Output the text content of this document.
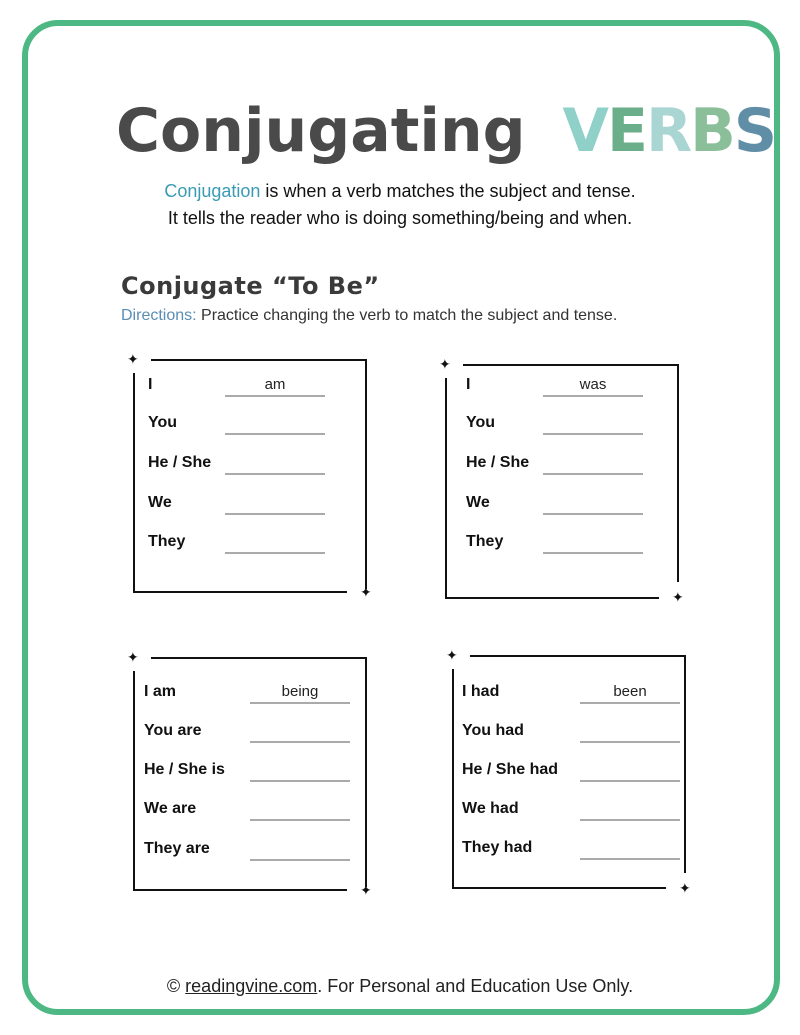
Conjugating VERBS
Conjugation is when a verb matches the subject and tense.
It tells the reader who is doing something/being and when.
Conjugate “To Be”
Directions: Practice changing the verb to match the subject and tense.
✦
✦
I	am
You
He / She
We
They
✦
✦
I	was
You
He / She
We
They
✦
✦
I am	being
You are
He / She is
We are
They are
✦
✦
I had	been
You had
He / She had
We had
They had
© readingvine.com. For Personal and Education Use Only.
